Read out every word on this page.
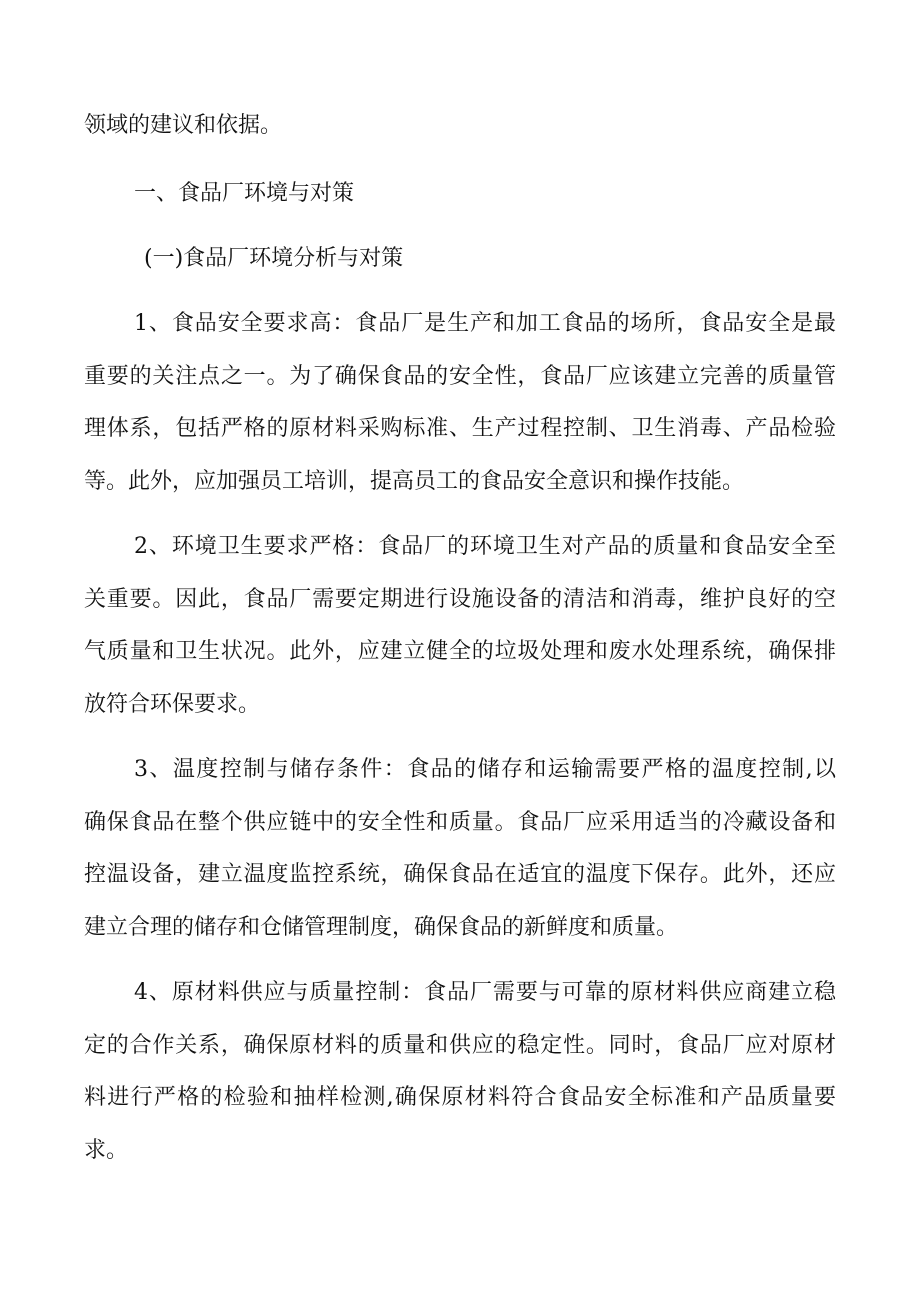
领域的建议和依据。
一、食品厂环境与对策
(一)食品厂环境分析与对策
1、食品安全要求高：食品厂是生产和加工食品的场所，食品安全是最
重要的关注点之一。为了确保食品的安全性，食品厂应该建立完善的质量管
理体系，包括严格的原材料采购标准、生产过程控制、卫生消毒、产品检验
等。此外，应加强员工培训，提高员工的食品安全意识和操作技能。
2、环境卫生要求严格：食品厂的环境卫生对产品的质量和食品安全至
关重要。因此，食品厂需要定期进行设施设备的清洁和消毒，维护良好的空
气质量和卫生状况。此外，应建立健全的垃圾处理和废水处理系统，确保排
放符合环保要求。
3、温度控制与储存条件：食品的储存和运输需要严格的温度控制,以
确保食品在整个供应链中的安全性和质量。食品厂应采用适当的冷藏设备和
控温设备，建立温度监控系统，确保食品在适宜的温度下保存。此外，还应
建立合理的储存和仓储管理制度，确保食品的新鲜度和质量。
4、原材料供应与质量控制：食品厂需要与可靠的原材料供应商建立稳
定的合作关系，确保原材料的质量和供应的稳定性。同时，食品厂应对原材
料进行严格的检验和抽样检测,确保原材料符合食品安全标准和产品质量要
求。
